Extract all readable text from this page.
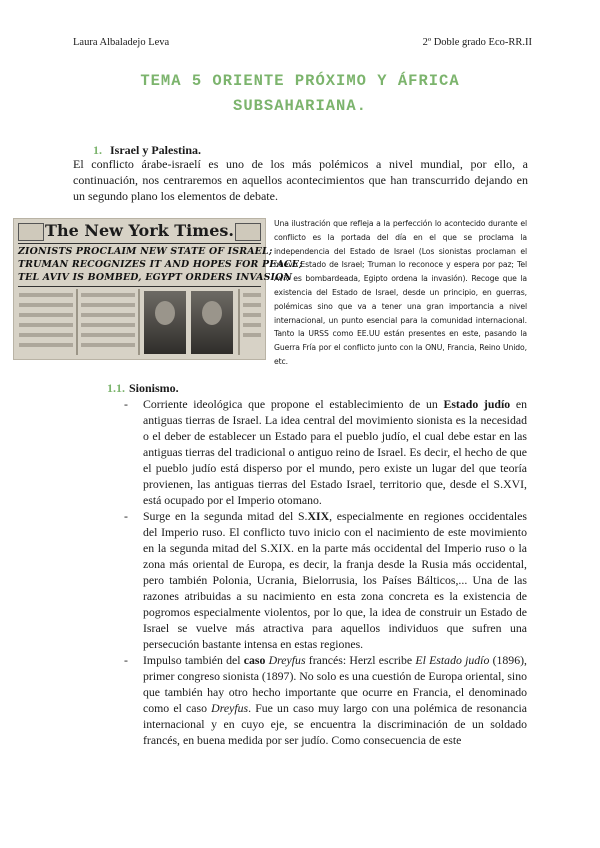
Laura Albaladejo Leva	2º Doble grado Eco-RR.II
TEMA 5 ORIENTE PRÓXIMO Y ÁFRICA
SUBSAHARIANA.
1. Israel y Palestina.
El conflicto árabe-israelí es uno de los más polémicos a nivel mundial, por ello, a continuación, nos centraremos en aquellos acontecimientos que han transcurrido dejando en un segundo plano los elementos de debate.
The New York Times.
ZIONISTS PROCLAIM NEW STATE OF ISRAEL;
TRUMAN RECOGNIZES IT AND HOPES FOR PEACE;
TEL AVIV IS BOMBED, EGYPT ORDERS INVASION
Una ilustración que refleja a la perfección lo acontecido durante el conflicto es la portada del día en el que se proclama la independencia del Estado de Israel (Los sionistas proclaman el nuevo Estado de Israel; Truman lo reconoce y espera por paz; Tel Aviv es bombardeada, Egipto ordena la invasión). Recoge que la existencia del Estado de Israel, desde un principio, en guerras, polémicas sino que va a tener una gran importancia a nivel internacional, un punto esencial para la comunidad internacional. Tanto la URSS como EE.UU están presentes en este, pasando la Guerra Fría por el conflicto junto con la ONU, Francia, Reino Unido, etc.
1.1. Sionismo.
- Corriente ideológica que propone el establecimiento de un Estado judío en antiguas tierras de Israel. La idea central del movimiento sionista es la necesidad o el deber de establecer un Estado para el pueblo judío, el cual debe estar en las antiguas tierras del tradicional o antiguo reino de Israel. Es decir, el hecho de que el pueblo judío está disperso por el mundo, pero existe un lugar del que teoría provienen, las antiguas tierras del Estado Israel, territorio que, desde el S.XVI, está ocupado por el Imperio otomano.
- Surge en la segunda mitad del S.XIX, especialmente en regiones occidentales del Imperio ruso. El conflicto tuvo inicio con el nacimiento de este movimiento en la segunda mitad del S.XIX. en la parte más occidental del Imperio ruso o la zona más oriental de Europa, es decir, la franja desde la Rusia más occidental, pero también Polonia, Ucrania, Bielorrusia, los Países Bálticos,... Una de las razones atribuidas a su nacimiento en esta zona concreta es la existencia de pogromos especialmente violentos, por lo que, la idea de construir un Estado de Israel se vuelve más atractiva para aquellos individuos que sufren una persecución bastante intensa en estas regiones.
- Impulso también del caso Dreyfus francés: Herzl escribe El Estado judío (1896), primer congreso sionista (1897). No solo es una cuestión de Europa oriental, sino que también hay otro hecho importante que ocurre en Francia, el denominado como el caso Dreyfus. Fue un caso muy largo con una polémica de resonancia internacional y en cuyo eje, se encuentra la discriminación de un soldado francés, en buena medida por ser judío. Como consecuencia de este
